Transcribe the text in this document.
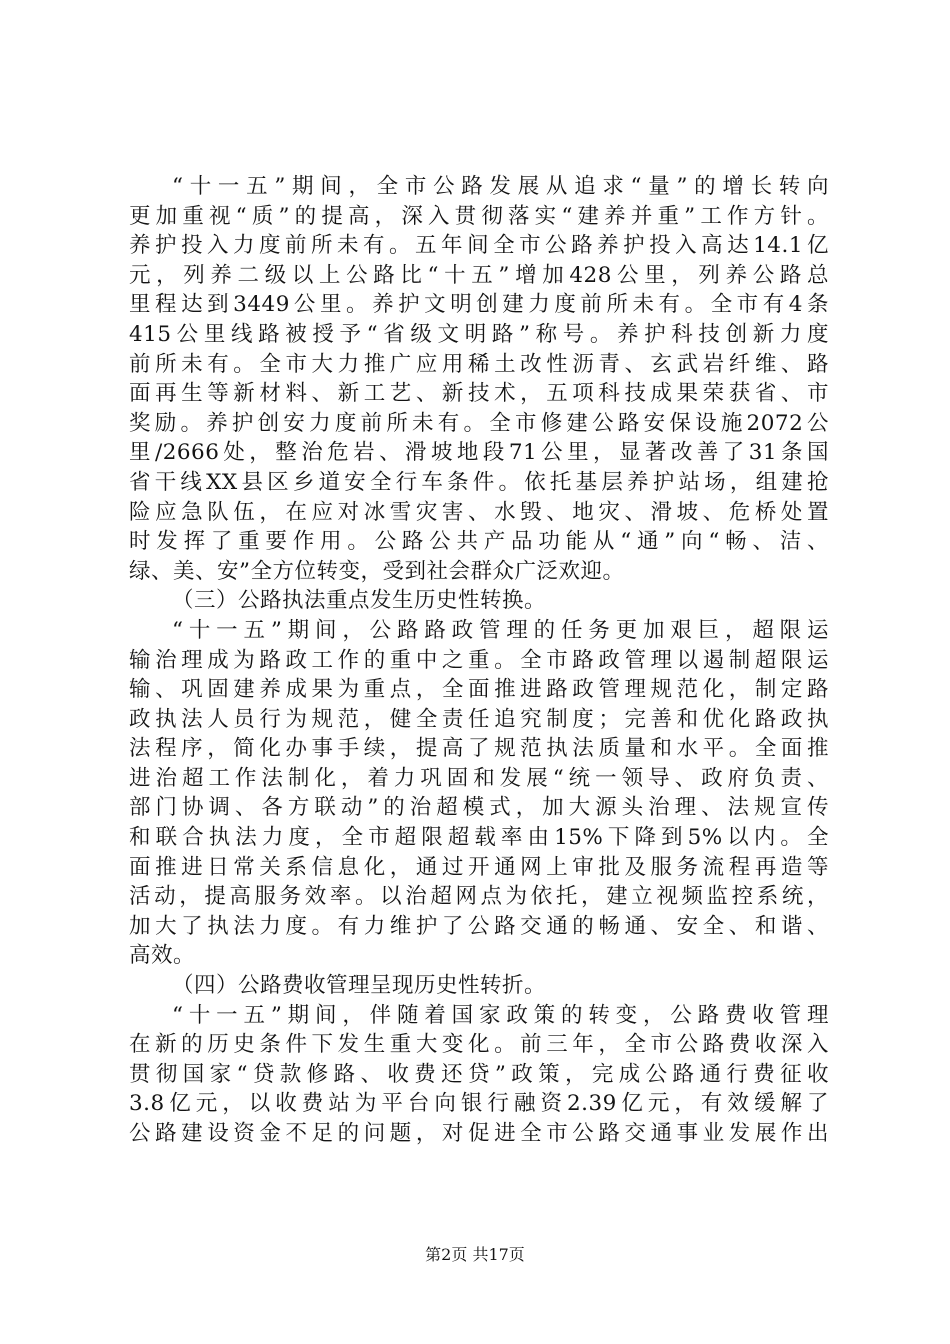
“十一五”期间，全市公路发展从追求“量”的增长转向
更加重视“质”的提高，深入贯彻落实“建养并重”工作方针。
养护投入力度前所未有。五年间全市公路养护投入高达14.1亿
元，列养二级以上公路比“十五”增加428公里，列养公路总
里程达到3449公里。养护文明创建力度前所未有。全市有4条
415公里线路被授予“省级文明路”称号。养护科技创新力度
前所未有。全市大力推广应用稀土改性沥青、玄武岩纤维、路
面再生等新材料、新工艺、新技术，五项科技成果荣获省、市
奖励。养护创安力度前所未有。全市修建公路安保设施2072公
里/2666处，整治危岩、滑坡地段71公里，显著改善了31条国
省干线XX县区乡道安全行车条件。依托基层养护站场，组建抢
险应急队伍，在应对冰雪灾害、水毁、地灾、滑坡、危桥处置
时发挥了重要作用。公路公共产品功能从“通”向“畅、洁、
绿、美、安”全方位转变，受到社会群众广泛欢迎。
（三）公路执法重点发生历史性转换。
“十一五”期间，公路路政管理的任务更加艰巨，超限运
输治理成为路政工作的重中之重。全市路政管理以遏制超限运
输、巩固建养成果为重点，全面推进路政管理规范化，制定路
政执法人员行为规范，健全责任追究制度；完善和优化路政执
法程序，简化办事手续，提高了规范执法质量和水平。全面推
进治超工作法制化，着力巩固和发展“统一领导、政府负责、
部门协调、各方联动”的治超模式，加大源头治理、法规宣传
和联合执法力度，全市超限超载率由15%下降到5%以内。全
面推进日常关系信息化，通过开通网上审批及服务流程再造等
活动，提高服务效率。以治超网点为依托，建立视频监控系统，
加大了执法力度。有力维护了公路交通的畅通、安全、和谐、
高效。
（四）公路费收管理呈现历史性转折。
“十一五”期间，伴随着国家政策的转变，公路费收管理
在新的历史条件下发生重大变化。前三年，全市公路费收深入
贯彻国家“贷款修路、收费还贷”政策，完成公路通行费征收
3.8亿元，以收费站为平台向银行融资2.39亿元，有效缓解了
公路建设资金不足的问题，对促进全市公路交通事业发展作出
第2页 共17页
